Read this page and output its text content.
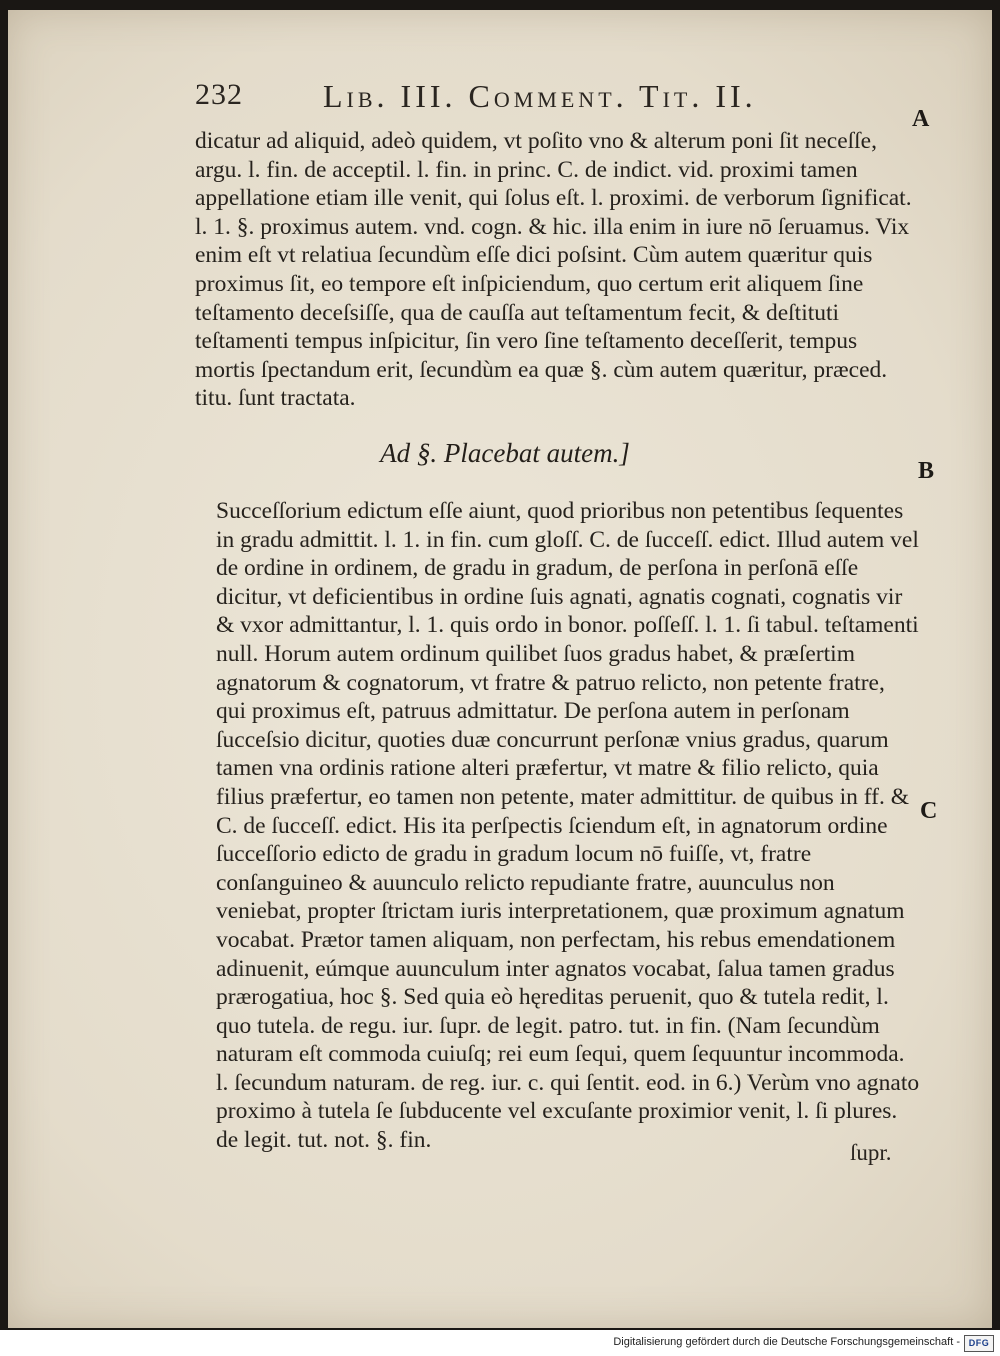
232	Lib. III. Comment. Tit. II.
A
B
C

dicatur ad aliquid, adeò quidem, vt poſito vno & alterum poni ſit neceſſe, argu. l. fin. de acceptil. l. fin. in princ. C. de indict. vid. proximi tamen appellatione etiam ille venit, qui ſolus eſt. l. proximi. de verborum ſignificat. l. 1. §. proximus autem. vnd. cogn. & hic. illa enim in iure nō ſeruamus. Vix enim eſt vt relatiua ſecundùm eſſe dici poſsint. Cùm autem quæritur quis proximus ſit, eo tempore eſt inſpiciendum, quo certum erit aliquem ſine teſtamento deceſsiſſe, qua de cauſſa aut teſtamentum fecit, & deſtituti teſtamenti tempus inſpicitur, ſin vero ſine teſtamento deceſſerit, tempus mortis ſpectandum erit, ſecundùm ea quæ §. cùm autem quæritur, præced. titu. ſunt tractata.

Ad §. Placebat autem.]

Succeſſorium edictum eſſe aiunt, quod prioribus non petentibus ſequentes in gradu admittit. l. 1. in fin. cum gloſſ. C. de ſucceſſ. edict. Illud autem vel de ordine in ordinem, de gradu in gradum, de perſona in perſonā eſſe dicitur, vt deficientibus in ordine ſuis agnati, agnatis cognati, cognatis vir & vxor admittantur, l. 1. quis ordo in bonor. poſſeſſ. l. 1. ſi tabul. teſtamenti null. Horum autem ordinum quilibet ſuos gradus habet, & præſertim agnatorum & cognatorum, vt fratre & patruo relicto, non petente fratre, qui proximus eſt, patruus admittatur. De perſona autem in perſonam ſucceſsio dicitur, quoties duæ concurrunt perſonæ vnius gradus, quarum tamen vna ordinis ratione alteri præfertur, vt matre & filio relicto, quia filius præfertur, eo tamen non petente, mater admittitur. de quibus in ff. & C. de ſucceſſ. edict. His ita perſpectis ſciendum eſt, in agnatorum ordine ſucceſſorio edicto de gradu in gradum locum nō fuiſſe, vt, fratre conſanguineo & auunculo relicto repudiante fratre, auunculus non veniebat, propter ſtrictam iuris interpretationem, quæ proximum agnatum vocabat. Prætor tamen aliquam, non perfectam, his rebus emendationem adinuenit, eúmque auunculum inter agnatos vocabat, ſalua tamen gradus prærogatiua, hoc §. Sed quia eò hęreditas peruenit, quo & tutela redit, l. quo tutela. de regu. iur. ſupr. de legit. patro. tut. in fin. (Nam ſecundùm naturam eſt commoda cuiuſq; rei eum ſequi, quem ſequuntur incommoda. l. ſecundum naturam. de reg. iur. c. qui ſentit. eod. in 6.) Verùm vno agnato proximo à tutela ſe ſubducente vel excuſante proximior venit, l. ſi plures. de legit. tut. not. §. fin.	ſupr.
Digitalisierung gefördert durch die Deutsche Forschungsgemeinschaft - DFG
